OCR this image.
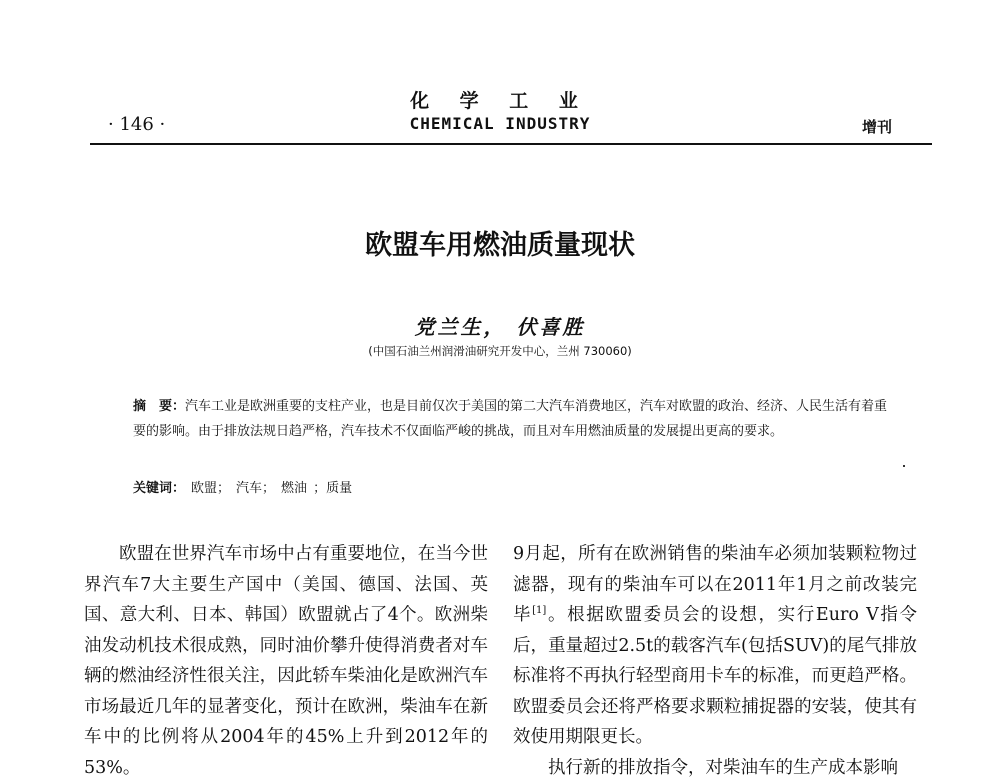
化 学 工 业
· 146 ·	CHEMICAL INDUSTRY	增刊
欧盟车用燃油质量现状
党兰生， 伏喜胜
(中国石油兰州润滑油研究开发中心，兰州 730060)
摘　要：汽车工业是欧洲重要的支柱产业，也是目前仅次于美国的第二大汽车消费地区，汽车对欧盟的政治、经济、人民生活有着重要的影响。由于排放法规日趋严格，汽车技术不仅面临严峻的挑战，而且对车用燃油质量的发展提出更高的要求。
关键词： 欧盟； 汽车； 燃油 ；质量

欧盟在世界汽车市场中占有重要地位，在当今世界汽车7大主要生产国中（美国、德国、法国、英国、意大利、日本、韩国）欧盟就占了4个。欧洲柴油发动机技术很成熟，同时油价攀升使得消费者对车辆的燃油经济性很关注，因此轿车柴油化是欧洲汽车市场最近几年的显著变化，预计在欧洲，柴油车在新车中的比例将从2004年的45%上升到2012年的53%。

9月起，所有在欧洲销售的柴油车必须加装颗粒物过滤器，现有的柴油车可以在2011年1月之前改装完毕[1]。根据欧盟委员会的设想，实行Euro Ⅴ指令后，重量超过2.5t的载客汽车(包括SUV)的尾气排放标准将不再执行轻型商用卡车的标准，而更趋严格。欧盟委员会还将严格要求颗粒捕捉器的安装，使其有效使用期限更长。

执行新的排放指令，对柴油车的生产成本影响
